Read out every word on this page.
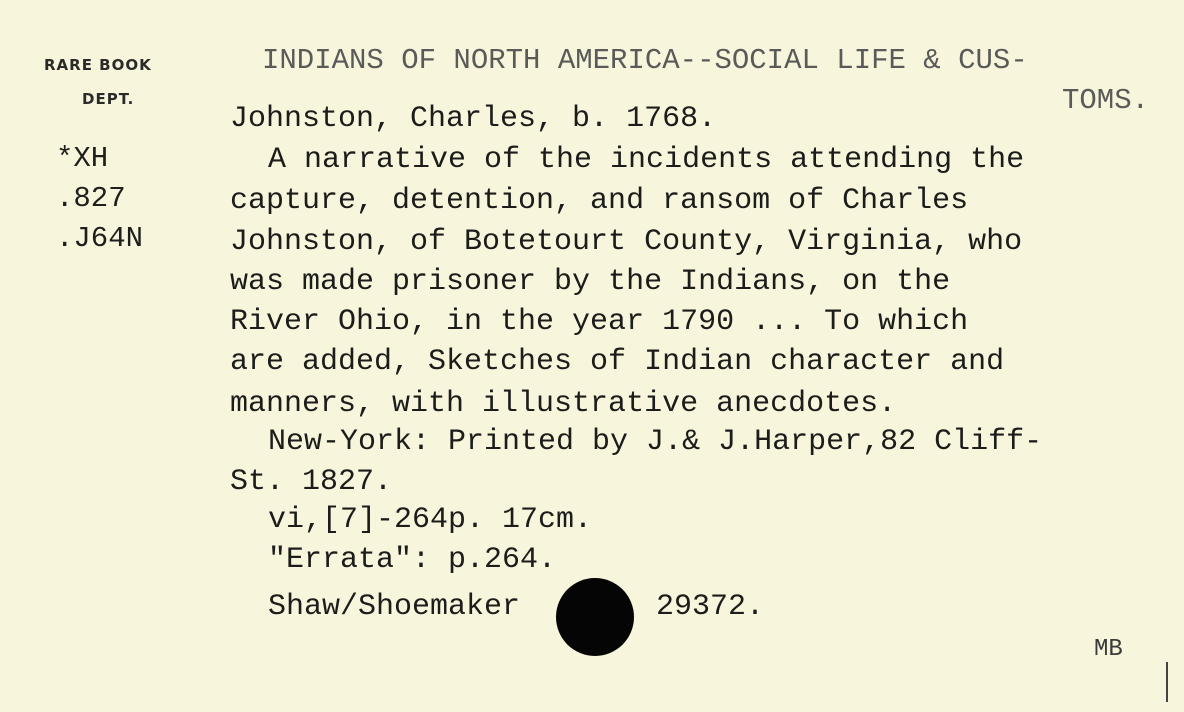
RARE BOOK
DEPT.
*XH
.827
.J64N
INDIANS OF NORTH AMERICA--SOCIAL LIFE & CUS-
TOMS.
Johnston, Charles, b. 1768.
A narrative of the incidents attending the
capture, detention, and ransom of Charles
Johnston, of Botetourt County, Virginia, who
was made prisoner by the Indians, on the
River Ohio, in the year 1790 ... To which
are added, Sketches of Indian character and
manners, with illustrative anecdotes.
New-York: Printed by J.& J.Harper,82 Cliff-
St. 1827.
vi,[7]-264p. 17cm.
"Errata": p.264.
Shaw/Shoemaker	29372.
MB
